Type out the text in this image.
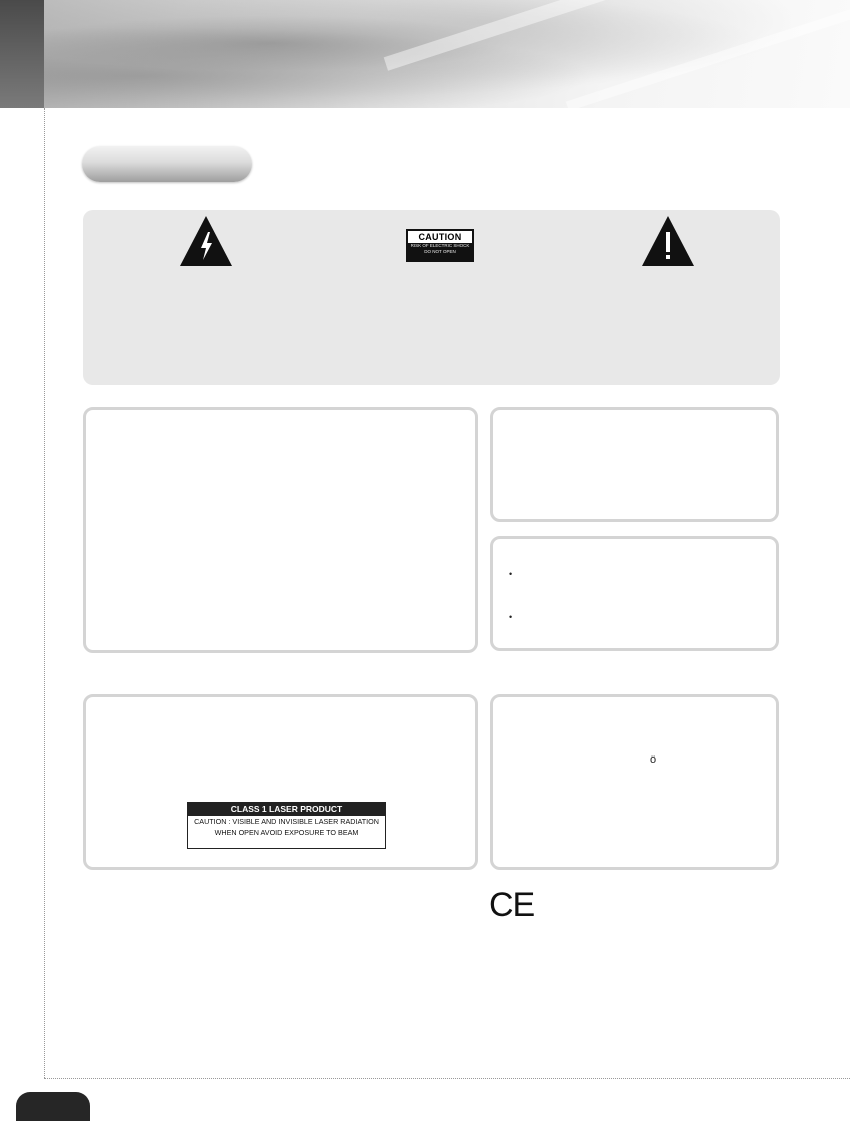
CAUTION
RISK OF ELECTRIC SHOCK
DO NOT OPEN
•
•
CLASS 1 LASER PRODUCT
CAUTION : VISIBLE AND INVISIBLE LASER RADIATION
WHEN OPEN AVOID EXPOSURE TO BEAM
ö
CE
